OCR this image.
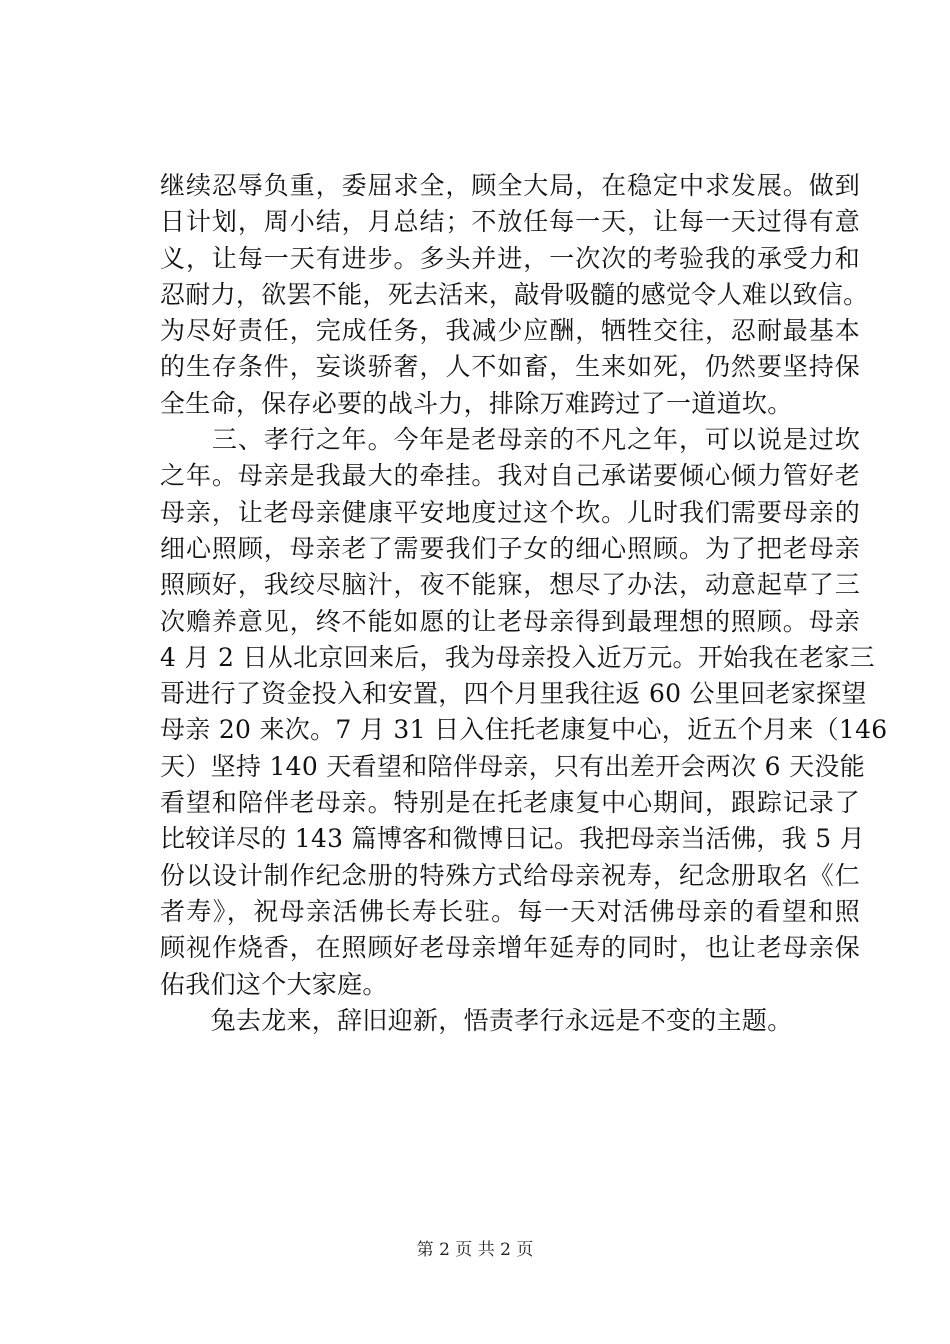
继续忍辱负重，委屈求全，顾全大局，在稳定中求发展。做到
日计划，周小结，月总结；不放任每一天，让每一天过得有意
义，让每一天有进步。多头并进，一次次的考验我的承受力和
忍耐力，欲罢不能，死去活来，敲骨吸髓的感觉令人难以致信。
为尽好责任，完成任务，我减少应酬，牺牲交往，忍耐最基本
的生存条件，妄谈骄奢，人不如畜，生来如死，仍然要坚持保
全生命，保存必要的战斗力，排除万难跨过了一道道坎。
　　三、孝行之年。今年是老母亲的不凡之年，可以说是过坎
之年。母亲是我最大的牵挂。我对自己承诺要倾心倾力管好老
母亲，让老母亲健康平安地度过这个坎。儿时我们需要母亲的
细心照顾，母亲老了需要我们子女的细心照顾。为了把老母亲
照顾好，我绞尽脑汁，夜不能寐，想尽了办法，动意起草了三
次赡养意见，终不能如愿的让老母亲得到最理想的照顾。母亲
4 月 2 日从北京回来后，我为母亲投入近万元。开始我在老家三
哥进行了资金投入和安置，四个月里我往返 60 公里回老家探望
母亲 20 来次。7 月 31 日入住托老康复中心，近五个月来（146
天）坚持 140 天看望和陪伴母亲，只有出差开会两次 6 天没能
看望和陪伴老母亲。特别是在托老康复中心期间，跟踪记录了
比较详尽的 143 篇博客和微博日记。我把母亲当活佛，我 5 月
份以设计制作纪念册的特殊方式给母亲祝寿，纪念册取名《仁
者寿》，祝母亲活佛长寿长驻。每一天对活佛母亲的看望和照
顾视作烧香，在照顾好老母亲增年延寿的同时，也让老母亲保
佑我们这个大家庭。
　　兔去龙来，辞旧迎新，悟责孝行永远是不变的主题。
第 2 页 共 2 页
